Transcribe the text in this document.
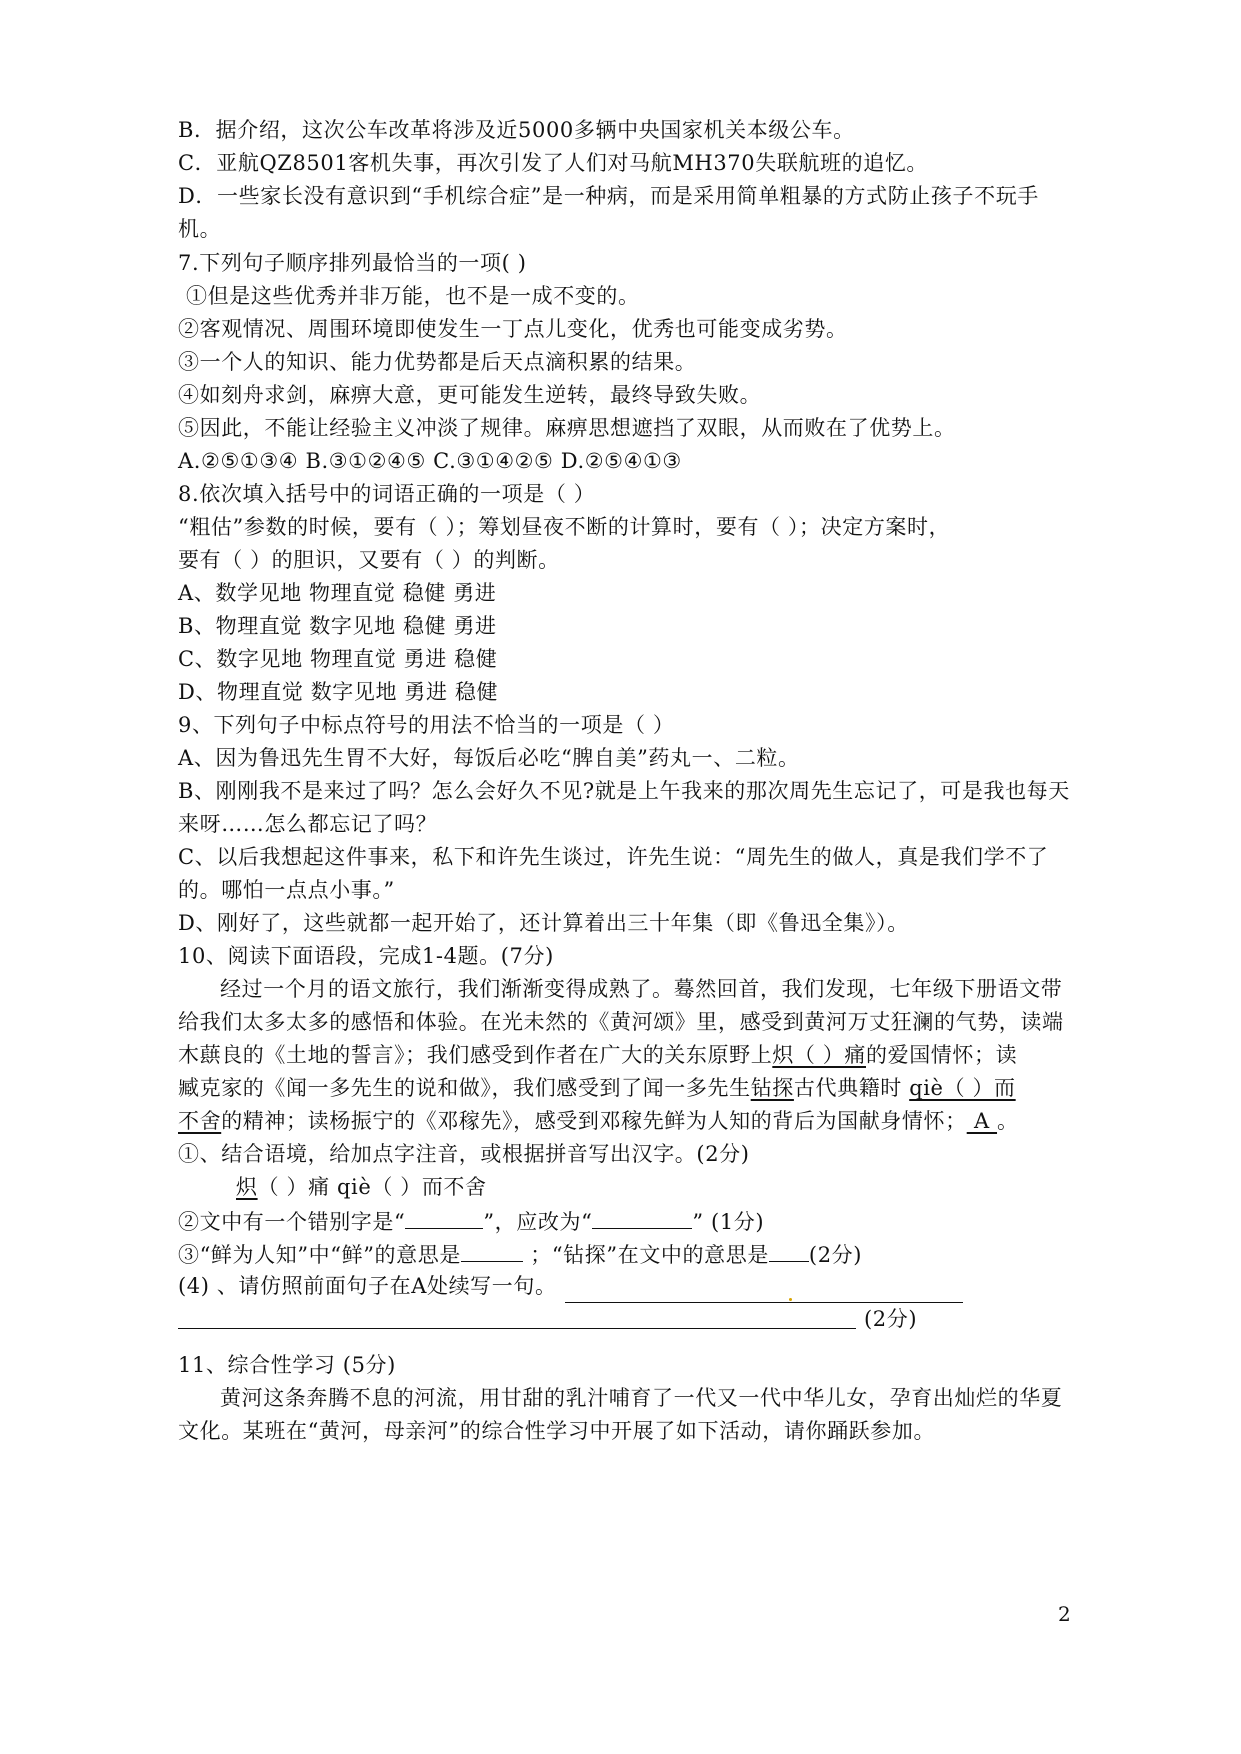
B．据介绍，这次公车改革将涉及近5000多辆中央国家机关本级公车。
C．亚航QZ8501客机失事，再次引发了人们对马航MH370失联航班的追忆。
D．一些家长没有意识到“手机综合症”是一种病，而是采用简单粗暴的方式防止孩子不玩手
机。
7.下列句子顺序排列最恰当的一项( )
①但是这些优秀并非万能，也不是一成不变的。
②客观情况、周围环境即使发生一丁点儿变化，优秀也可能变成劣势。
③一个人的知识、能力优势都是后天点滴积累的结果。
④如刻舟求剑，麻痹大意，更可能发生逆转，最终导致失败。
⑤因此，不能让经验主义冲淡了规律。麻痹思想遮挡了双眼，从而败在了优势上。
A.②⑤①③④ B.③①②④⑤ C.③①④②⑤ D.②⑤④①③
8.依次填入括号中的词语正确的一项是（ ）
“粗估”参数的时候，要有（ ）；筹划昼夜不断的计算时，要有（ ）；决定方案时，
要有（ ）的胆识，又要有（ ）的判断。
A、数学见地 物理直觉 稳健 勇进
B、物理直觉 数字见地 稳健 勇进
C、数字见地 物理直觉 勇进 稳健
D、物理直觉 数字见地 勇进 稳健
9、下列句子中标点符号的用法不恰当的一项是（ ）
A、因为鲁迅先生胃不大好，每饭后必吃“脾自美”药丸一、二粒。
B、刚刚我不是来过了吗？怎么会好久不见?就是上午我来的那次周先生忘记了，可是我也每天
来呀……怎么都忘记了吗？
C、以后我想起这件事来，私下和许先生谈过，许先生说：“周先生的做人，真是我们学不了
的。哪怕一点点小事。”
D、刚好了，这些就都一起开始了，还计算着出三十年集（即《鲁迅全集》）。
10、阅读下面语段，完成1-4题。(7分)
经过一个月的语文旅行，我们渐渐变得成熟了。蓦然回首，我们发现，七年级下册语文带
给我们太多太多的感悟和体验。在光未然的《黄河颂》里，感受到黄河万丈狂澜的气势，读端
木蕻良的《土地的誓言》；我们感受到作者在广大的关东原野上炽（ ）痛的爱国情怀；读
臧克家的《闻一多先生的说和做》，我们感受到了闻一多先生钻探古代典籍时 qiè（ ）而
不舍的精神；读杨振宁的《邓稼先》，感受到邓稼先鲜为人知的背后为国献身情怀； A 。
①、结合语境，给加点字注音，或根据拼音写出汉字。(2分)
炽（ ）痛 qiè（ ）而不舍
②文中有一个错别字是“	”，应改为“	” (1分)
③“鲜为人知”中“鲜”的意思是	；“钻探”在文中的意思是 (2分)
(4) 、请仿照前面句子在A处续写一句。
(2分)
11、综合性学习 (5分)
黄河这条奔腾不息的河流，用甘甜的乳汁哺育了一代又一代中华儿女，孕育出灿烂的华夏
文化。某班在“黄河，母亲河”的综合性学习中开展了如下活动，请你踊跃参加。
2
